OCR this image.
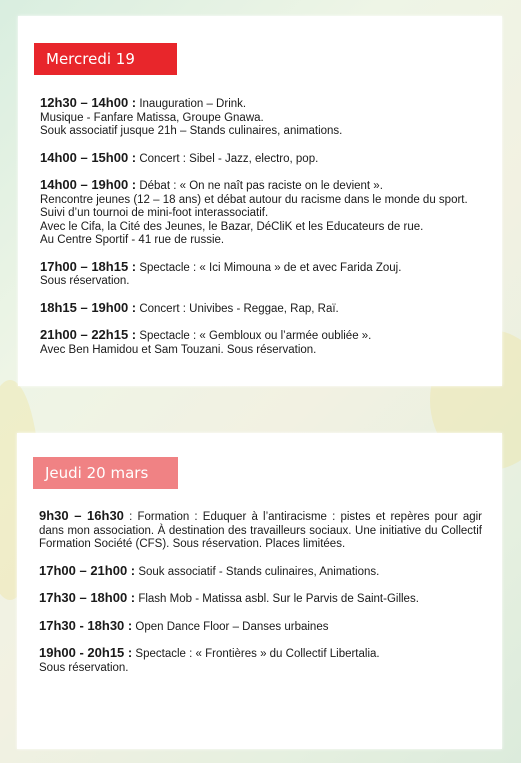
Mercredi 19 mars
12h30 – 14h00 : Inauguration – Drink.
Musique - Fanfare Matissa, Groupe Gnawa.
Souk associatif jusque 21h – Stands culinaires, animations.
14h00 – 15h00 : Concert : Sibel - Jazz, electro, pop.
14h00 – 19h00 : Débat : « On ne naît pas raciste on le devient ».
Rencontre jeunes (12 – 18 ans) et débat autour du racisme dans le monde du sport. Suivi d’un tournoi de mini-foot interassociatif.
Avec le Cifa, la Cité des Jeunes, le Bazar, DéCliK et les Educateurs de rue.
Au Centre Sportif - 41 rue de russie.
17h00 – 18h15 : Spectacle : « Ici Mimouna » de et avec Farida Zouj.
Sous réservation.
18h15 – 19h00 : Concert : Univibes - Reggae, Rap, Raï.
21h00 – 22h15 : Spectacle : « Gembloux ou l’armée oubliée ».
Avec Ben Hamidou et Sam Touzani. Sous réservation.
Jeudi 20 mars
9h30 – 16h30 : Formation : Eduquer à l’antiracisme : pistes et repères pour agir dans mon association. À destination des travailleurs sociaux. Une initiative du Collectif Formation Société (CFS). Sous réservation. Places limitées.
17h00 – 21h00 : Souk associatif - Stands culinaires, Animations.
17h30 – 18h00 : Flash Mob - Matissa asbl. Sur le Parvis de Saint-Gilles.
17h30 - 18h30 : Open Dance Floor – Danses urbaines
19h00 - 20h15 : Spectacle : « Frontières » du Collectif Libertalia.
Sous réservation.
